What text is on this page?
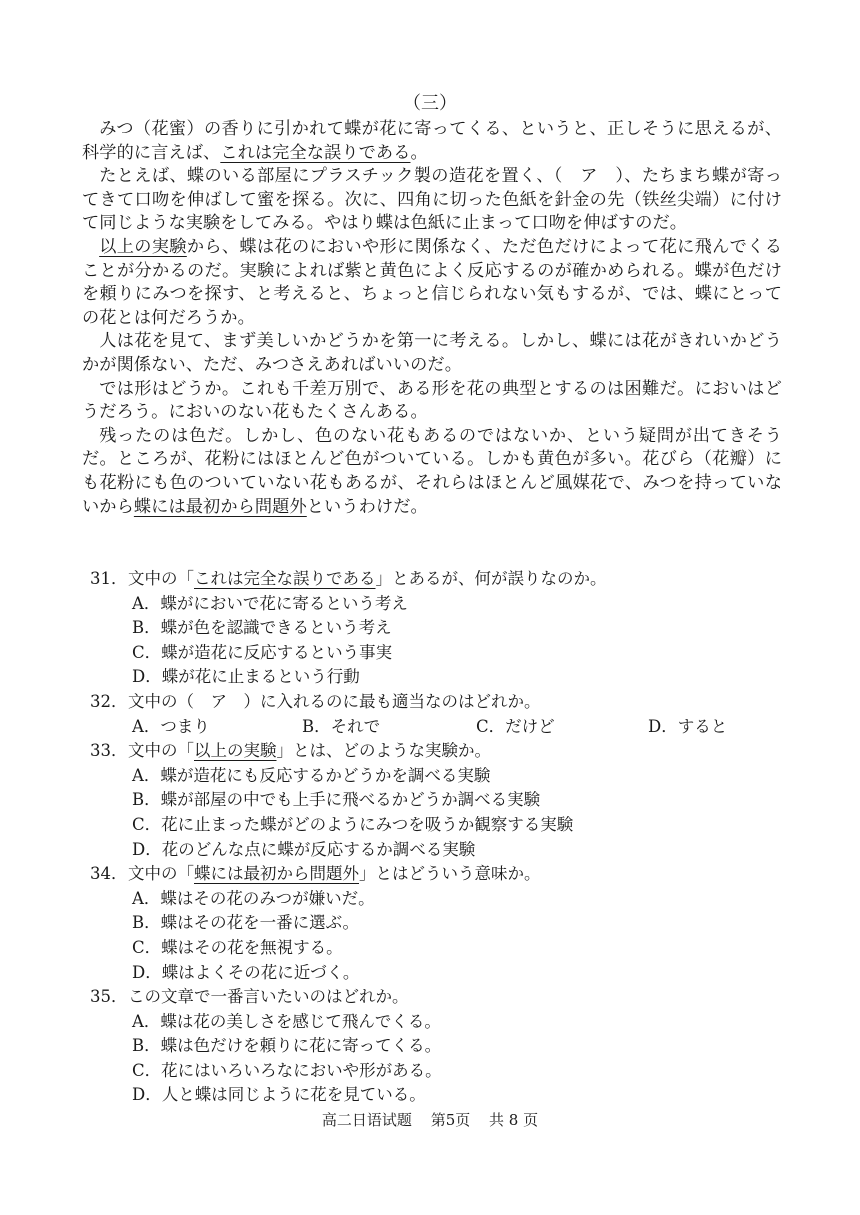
（三）

みつ（花蜜）の香りに引かれて蝶が花に寄ってくる、というと、正しそうに思えるが、科学的に言えば、これは完全な誤りである。

たとえば、蝶のいる部屋にプラスチック製の造花を置く、（　ア　）、たちまち蝶が寄ってきて口吻を伸ばして蜜を探る。次に、四角に切った色紙を針金の先（铁丝尖端）に付けて同じような実験をしてみる。やはり蝶は色紙に止まって口吻を伸ばすのだ。

以上の実験から、蝶は花のにおいや形に関係なく、ただ色だけによって花に飛んでくることが分かるのだ。実験によれば紫と黄色によく反応するのが確かめられる。蝶が色だけを頼りにみつを探す、と考えると、ちょっと信じられない気もするが、では、蝶にとっての花とは何だろうか。

人は花を見て、まず美しいかどうかを第一に考える。しかし、蝶には花がきれいかどうかが関係ない、ただ、みつさえあればいいのだ。

では形はどうか。これも千差万別で、ある形を花の典型とするのは困難だ。においはどうだろう。においのない花もたくさんある。

残ったのは色だ。しかし、色のない花もあるのではないか、という疑問が出てきそうだ。ところが、花粉にはほとんど色がついている。しかも黄色が多い。花びら（花瓣）にも花粉にも色のついていない花もあるが、それらはほとんど風媒花で、みつを持っていないから蝶には最初から問題外というわけだ。

31．文中の「これは完全な誤りである」とあるが、何が誤りなのか。

A．蝶がにおいで花に寄るという考え

B．蝶が色を認識できるという考え

C．蝶が造花に反応するという事実

D．蝶が花に止まるという行動

32．文中の（　ア　）に入れるのに最も適当なのはどれか。

A．つまり	B．それで	C．だけど	D．すると

33．文中の「以上の実験」とは、どのような実験か。

A．蝶が造花にも反応するかどうかを調べる実験

B．蝶が部屋の中でも上手に飛べるかどうか調べる実験

C．花に止まった蝶がどのようにみつを吸うか観察する実験

D．花のどんな点に蝶が反応するか調べる実験

34．文中の「蝶には最初から問題外」とはどういう意味か。

A．蝶はその花のみつが嫌いだ。

B．蝶はその花を一番に選ぶ。

C．蝶はその花を無視する。

D．蝶はよくその花に近づく。

35．この文章で一番言いたいのはどれか。

A．蝶は花の美しさを感じて飛んでくる。

B．蝶は色だけを頼りに花に寄ってくる。

C．花にはいろいろなにおいや形がある。

D．人と蝶は同じように花を見ている。

高二日语试题 第5页 共 8 页
